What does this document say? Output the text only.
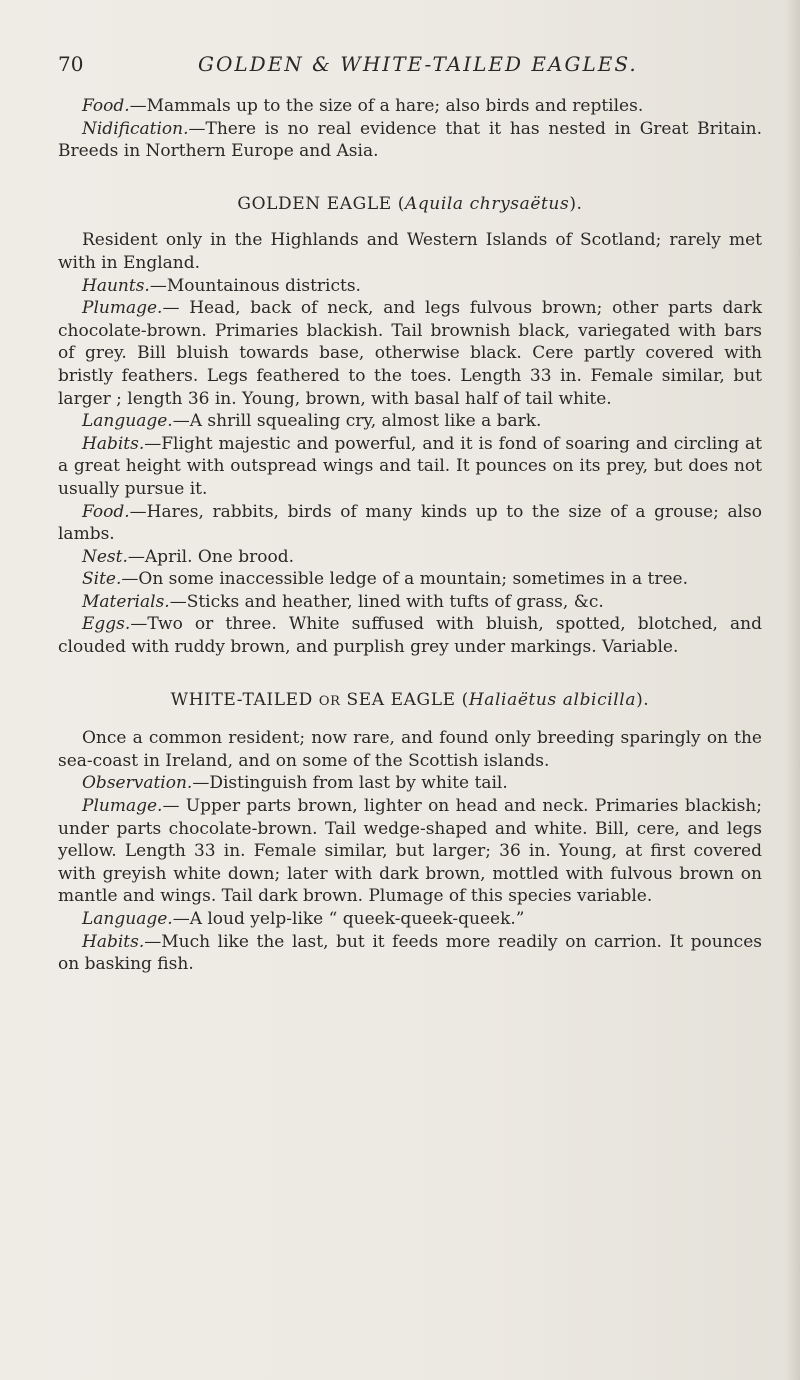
70	GOLDEN & WHITE-TAILED EAGLES.

Food.—Mammals up to the size of a hare; also birds and reptiles.

Nidification.—There is no real evidence that it has nested in Great Britain. Breeds in Northern Europe and Asia.

GOLDEN EAGLE (Aquila chrysaëtus).

Resident only in the Highlands and Western Islands of Scotland; rarely met with in England.

Haunts.—Mountainous districts.

Plumage.— Head, back of neck, and legs fulvous brown; other parts dark chocolate-brown. Primaries blackish. Tail brownish black, variegated with bars of grey. Bill bluish towards base, otherwise black. Cere partly covered with bristly feathers. Legs feathered to the toes. Length 33 in. Female similar, but larger ; length 36 in. Young, brown, with basal half of tail white.

Language.—A shrill squealing cry, almost like a bark.

Habits.—Flight majestic and powerful, and it is fond of soaring and circling at a great height with outspread wings and tail. It pounces on its prey, but does not usually pursue it.

Food.—Hares, rabbits, birds of many kinds up to the size of a grouse; also lambs.

Nest.—April. One brood.

Site.—On some inaccessible ledge of a mountain; sometimes in a tree.

Materials.—Sticks and heather, lined with tufts of grass, &c.

Eggs.—Two or three. White suffused with bluish, spotted, blotched, and clouded with ruddy brown, and purplish grey under markings. Variable.

WHITE-TAILED OR SEA EAGLE (Haliaëtus albicilla).

Once a common resident; now rare, and found only breeding sparingly on the sea-coast in Ireland, and on some of the Scottish islands.

Observation.—Distinguish from last by white tail.

Plumage.— Upper parts brown, lighter on head and neck. Primaries blackish; under parts chocolate-brown. Tail wedge-shaped and white. Bill, cere, and legs yellow. Length 33 in. Female similar, but larger; 36 in. Young, at first covered with greyish white down; later with dark brown, mottled with fulvous brown on mantle and wings. Tail dark brown. Plumage of this species variable.

Language.—A loud yelp-like “ queek-queek-queek.”

Habits.—Much like the last, but it feeds more readily on carrion. It pounces on basking fish.
